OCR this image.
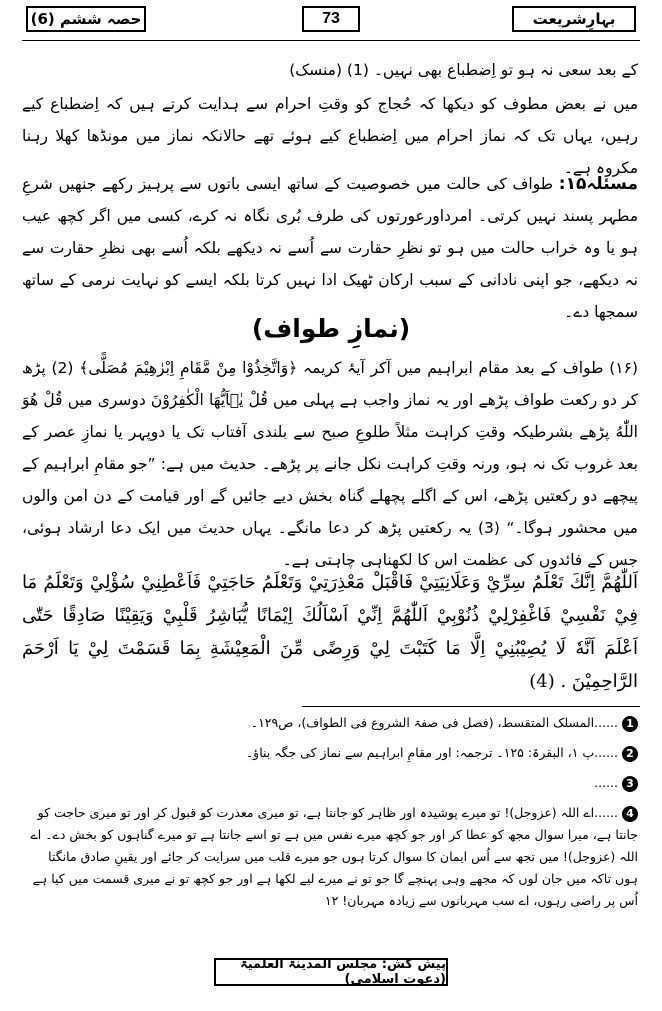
حصہ ششم (6)	73	بہارِشریعت

کے بعد سعی نہ ہو تو اِضطباع بھی نہیں۔ (1) (منسک)

میں نے بعض مطوف کو دیکھا کہ حُجاج کو وقتِ احرام سے ہدایت کرتے ہیں کہ اِضطباع کیے رہیں، یہاں تک کہ نماز احرام میں اِضطباع کیے ہوئے تھے حالانکہ نماز میں مونڈھا کھلا رہنا مکروہ ہے۔

مسئلہ۱۵: طواف کی حالت میں خصوصیت کے ساتھ ایسی باتوں سے پرہیز رکھے جنھیں شرعِ مطہر پسند نہیں کرتی۔ امرداورعورتوں کی طرف بُری نگاہ نہ کرے، کسی میں اگر کچھ عیب ہو یا وہ خراب حالت میں ہو تو نظرِ حقارت سے اُسے نہ دیکھے بلکہ اُسے بھی نظرِ حقارت سے نہ دیکھے، جو اپنی نادانی کے سبب ارکان ٹھیک ادا نہیں کرتا بلکہ ایسے کو نہایت نرمی کے ساتھ سمجھا دے۔

(نمازِ طواف)

(۱۶) طواف کے بعد مقام ابراہیم میں آکر آیۂ کریمہ ﴿وَاتَّخِذُوْا مِنْ مَّقَامِ اِبْرٰهِيْمَ مُصَلًّى﴾ (2) پڑھ کر دو رکعت طواف پڑھے اور یہ نماز واجب ہے پہلی میں قُلْ یٰۤاَیُّهَا الْکٰفِرُوْنَ دوسری میں قُلْ هُوَ اللّٰهُ پڑھے بشرطیکہ وقتِ کراہت مثلاً طلوعِ صبح سے بلندی آفتاب تک یا دوپہر یا نمازِ عصر کے بعد غروب تک نہ ہو، ورنہ وقتِ کراہت نکل جانے پر پڑھے۔ حدیث میں ہے: ”جو مقامِ ابراہیم کے پیچھے دو رکعتیں پڑھے، اس کے اگلے پچھلے گناہ بخش دیے جائیں گے اور قیامت کے دن امن والوں میں محشور ہوگا۔“ (3) یہ رکعتیں پڑھ کر دعا مانگے۔ یہاں حدیث میں ایک دعا ارشاد ہوئی، جس کے فائدوں کی عظمت اس کا لکھناہی چاہتی ہے۔

اَللّٰهُمَّ اِنَّكَ تَعْلَمُ سِرِّيْ وَعَلَانِيَتِيْ فَاقْبَلْ مَعْذِرَتِيْ وَتَعْلَمُ حَاجَتِيْ فَاَعْطِنِيْ سُؤْلِيْ وَتَعْلَمُ مَا فِيْ نَفْسِيْ فَاغْفِرْلِيْ ذُنُوْبِيْ اَللّٰهُمَّ اِنِّيْ اَسْاَلُكَ اِيْمَانًا يُّبَاشِرُ قَلْبِيْ وَيَقِيْنًا صَادِقًا حَتّٰى اَعْلَمَ اَنَّهٗ لَا يُصِيْبُنِيْ اِلَّا مَا كَتَبْتَ لِيْ وَرِضًى مِّنَ الْمَعِيْشَةِ بِمَا قَسَمْتَ لِيْ يَا اَرْحَمَ الرَّاحِمِيْنَ . (4)

1......المسلک المتقسط، (فصل فی صفۃ الشروع فی الطواف)، ص۱۲۹۔

2......پ ۱، البقرۃ: ۱۲۵۔ ترجمہ: اور مقامِ ابراہیم سے نماز کی جگہ بناؤ۔

3......

4......اے اللہ (عزوجل)! تو میرے پوشیدہ اور ظاہر کو جانتا ہے، تو میری معذرت کو قبول کر اور تو میری حاجت کو جانتا ہے، میرا سوال مجھ کو عطا کر اور جو کچھ میرے نفس میں ہے تو اسے جانتا ہے تو میرے گناہوں کو بخش دے۔ اے اللہ (عزوجل)! میں تجھ سے اُس ایمان کا سوال کرتا ہوں جو میرے قلب میں سرایت کر جائے اور یقینِ صادق مانگتا ہوں تاکہ میں جان لوں کہ مجھے وہی پہنچے گا جو تو نے میرے لیے لکھا ہے اور جو کچھ تو نے میری قسمت میں کیا ہے اُس پر راضی رہوں، اے سب مہربانوں سے زیادہ مہربان! ۱۲

پیش کش: مجلس المدینۃ العلمیۃ (دعوتِ اسلامی)
